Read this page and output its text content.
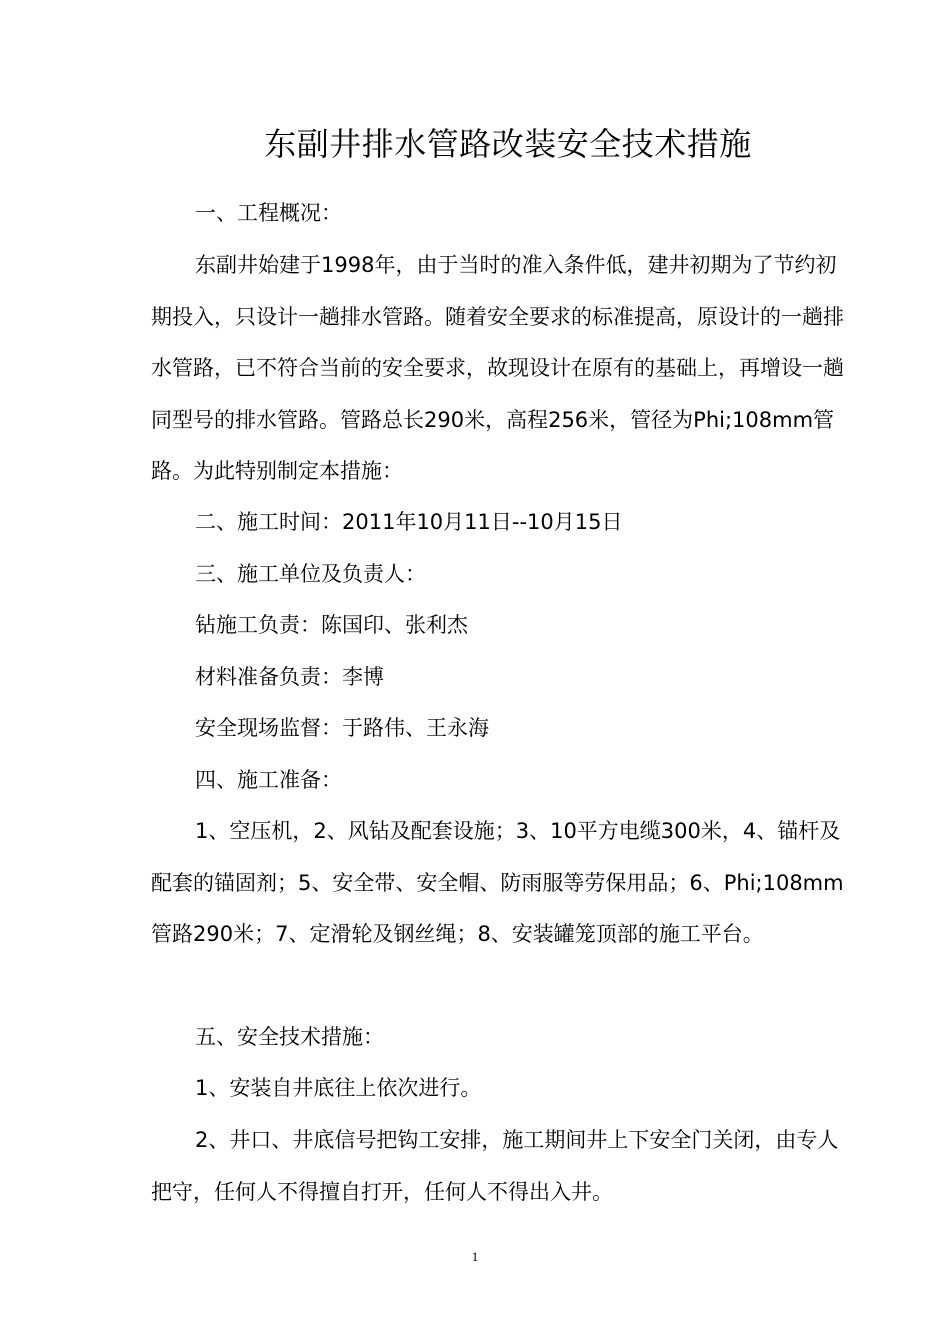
东副井排水管路改装安全技术措施
一、工程概况：
东副井始建于1998年，由于当时的准入条件低，建井初期为了节约初期投入，只设计一趟排水管路。随着安全要求的标准提高，原设计的一趟排水管路，已不符合当前的安全要求，故现设计在原有的基础上，再增设一趟同型号的排水管路。管路总长290米，高程256米，管径为Phi;108mm管路。为此特别制定本措施：
二、施工时间：2011年10月11日--10月15日
三、施工单位及负责人：
钻施工负责：陈国印、张利杰
材料准备负责：李博
安全现场监督：于路伟、王永海
四、施工准备：
1、空压机，2、风钻及配套设施；3、10平方电缆300米，4、锚杆及配套的锚固剂；5、安全带、安全帽、防雨服等劳保用品；6、Phi;108mm管路290米；7、定滑轮及钢丝绳；8、安装罐笼顶部的施工平台。
五、安全技术措施：
1、安装自井底往上依次进行。
2、井口、井底信号把钩工安排，施工期间井上下安全门关闭，由专人把守，任何人不得擅自打开，任何人不得出入井。
1
